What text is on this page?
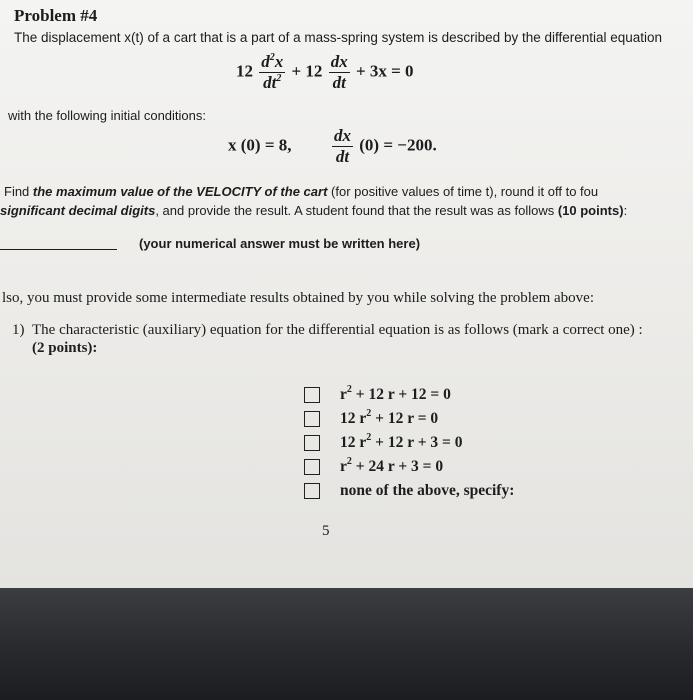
Problem #4
The displacement x(t) of a cart that is a part of a mass-spring system is described by the differential equation
$12 \frac{d^2x}{dt^2} + 12 \frac{dx}{dt} + 3x = 0$
with the following initial conditions:
x (0) = 8, $\frac{dx}{dt} (0) = -200$.
Find the maximum value of the VELOCITY of the cart (for positive values of time t), round it off to fou
significant decimal digits, and provide the result. A student found that the result was as follows (10 points):
(your numerical answer must be written here)
lso, you must provide some intermediate results obtained by you while solving the problem above:
1) The characteristic (auxiliary) equation for the differential equation is as follows (mark a correct one) :
(2 points):
$r^2 + 12$ r + 12 = 0
12 $r^2 + 12$ r = 0
12 $r^2 + 12$ r + 3 = 0
$r^2 + 24$ r + 3 = 0
none of the above, specify:
5
